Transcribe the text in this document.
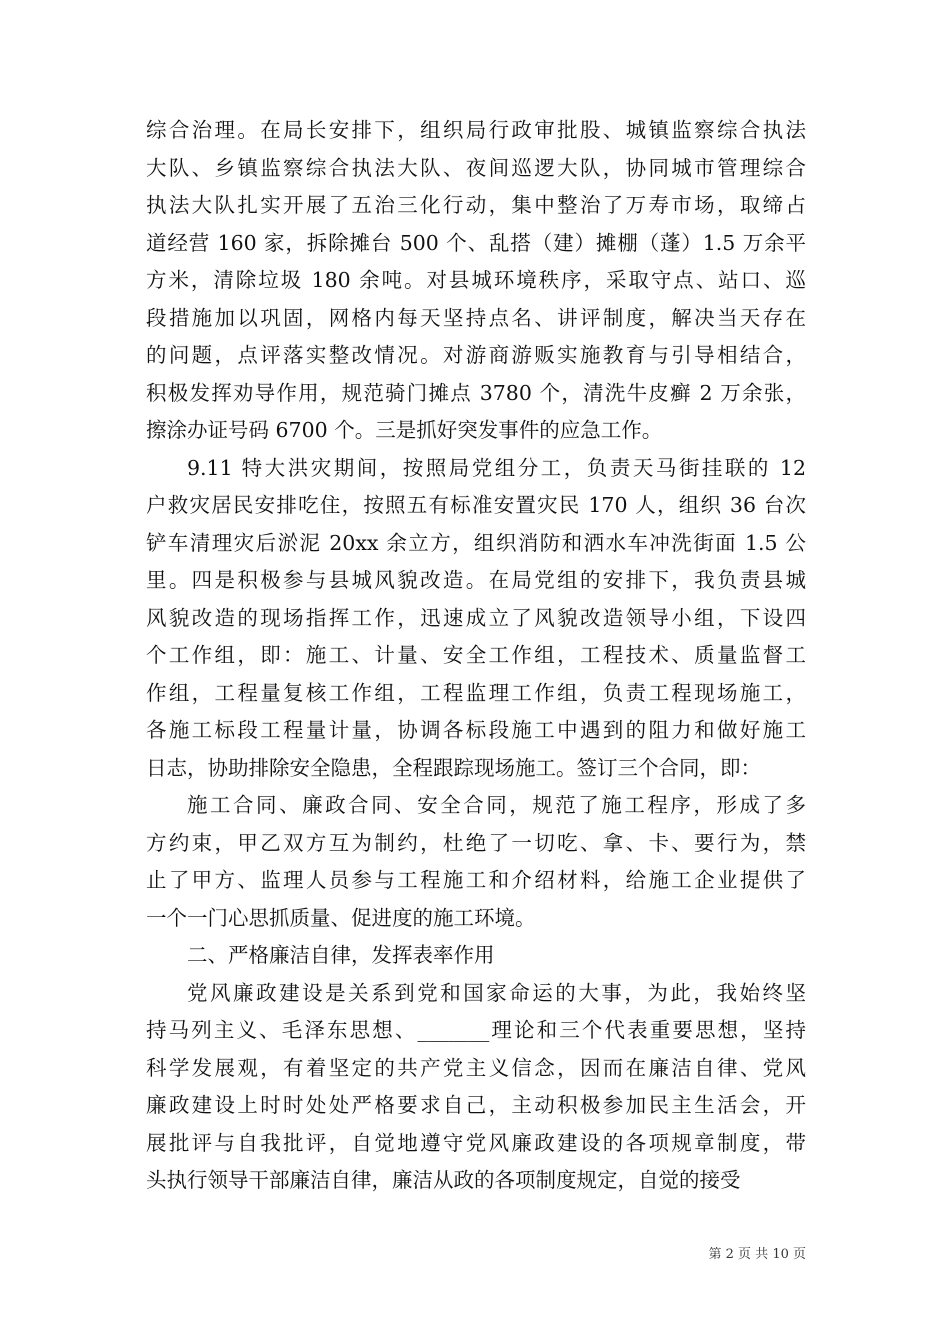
综合治理。在局长安排下，组织局行政审批股、城镇监察综合执法
大队、乡镇监察综合执法大队、夜间巡逻大队，协同城市管理综合
执法大队扎实开展了五治三化行动，集中整治了万寿市场，取缔占
道经营 160 家，拆除摊台 500 个、乱搭（建）摊棚（蓬）1.5 万余平
方米，清除垃圾 180 余吨。对县城环境秩序，采取守点、站口、巡
段措施加以巩固，网格内每天坚持点名、讲评制度，解决当天存在
的问题，点评落实整改情况。对游商游贩实施教育与引导相结合，
积极发挥劝导作用，规范骑门摊点 3780 个，清洗牛皮癣 2 万余张，
擦涂办证号码 6700 个。三是抓好突发事件的应急工作。
9.11 特大洪灾期间，按照局党组分工，负责天马街挂联的 12
户救灾居民安排吃住，按照五有标准安置灾民 170 人，组织 36 台次
铲车清理灾后淤泥 20xx 余立方，组织消防和洒水车冲洗街面 1.5 公
里。四是积极参与县城风貌改造。在局党组的安排下，我负责县城
风貌改造的现场指挥工作，迅速成立了风貌改造领导小组，下设四
个工作组，即：施工、计量、安全工作组，工程技术、质量监督工
作组，工程量复核工作组，工程监理工作组，负责工程现场施工，
各施工标段工程量计量，协调各标段施工中遇到的阻力和做好施工
日志，协助排除安全隐患，全程跟踪现场施工。签订三个合同，即：
施工合同、廉政合同、安全合同，规范了施工程序，形成了多
方约束，甲乙双方互为制约，杜绝了一切吃、拿、卡、要行为，禁
止了甲方、监理人员参与工程施工和介绍材料，给施工企业提供了
一个一门心思抓质量、促进度的施工环境。
二、严格廉洁自律，发挥表率作用
党风廉政建设是关系到党和国家命运的大事，为此，我始终坚
持马列主义、毛泽东思想、_______理论和三个代表重要思想，坚持
科学发展观，有着坚定的共产党主义信念，因而在廉洁自律、党风
廉政建设上时时处处严格要求自己，主动积极参加民主生活会，开
展批评与自我批评，自觉地遵守党风廉政建设的各项规章制度，带
头执行领导干部廉洁自律，廉洁从政的各项制度规定，自觉的接受
第 2 页 共 10 页
